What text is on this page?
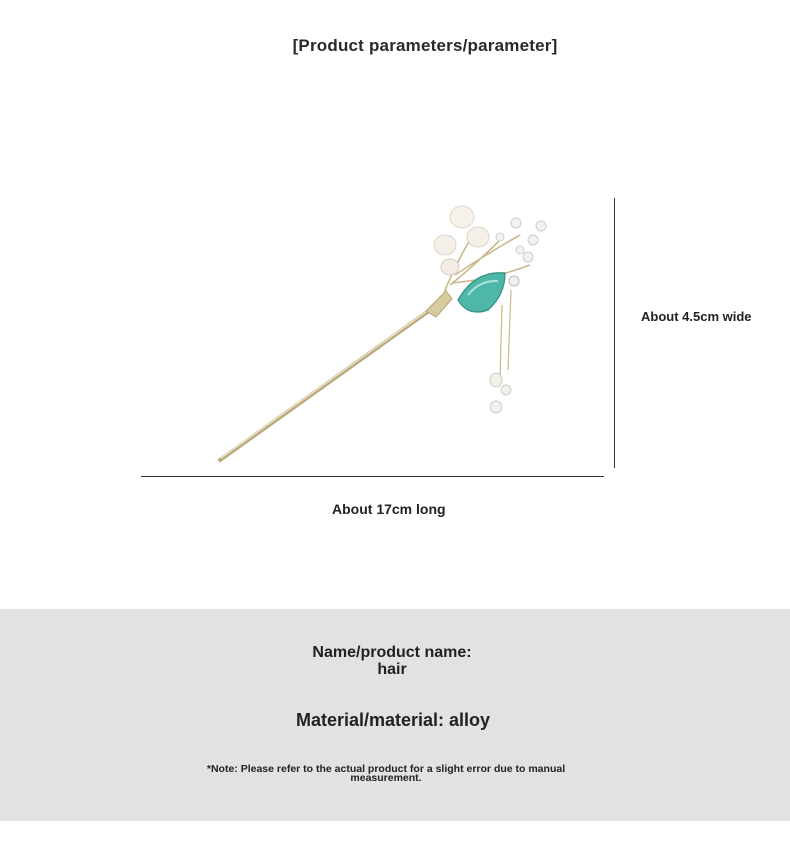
[Product parameters/parameter]
About 4.5cm wide
About 17cm long
Name/product name:
hair
Material/material: alloy
*Note: Please refer to the actual product for a slight error due to manual measurement.
